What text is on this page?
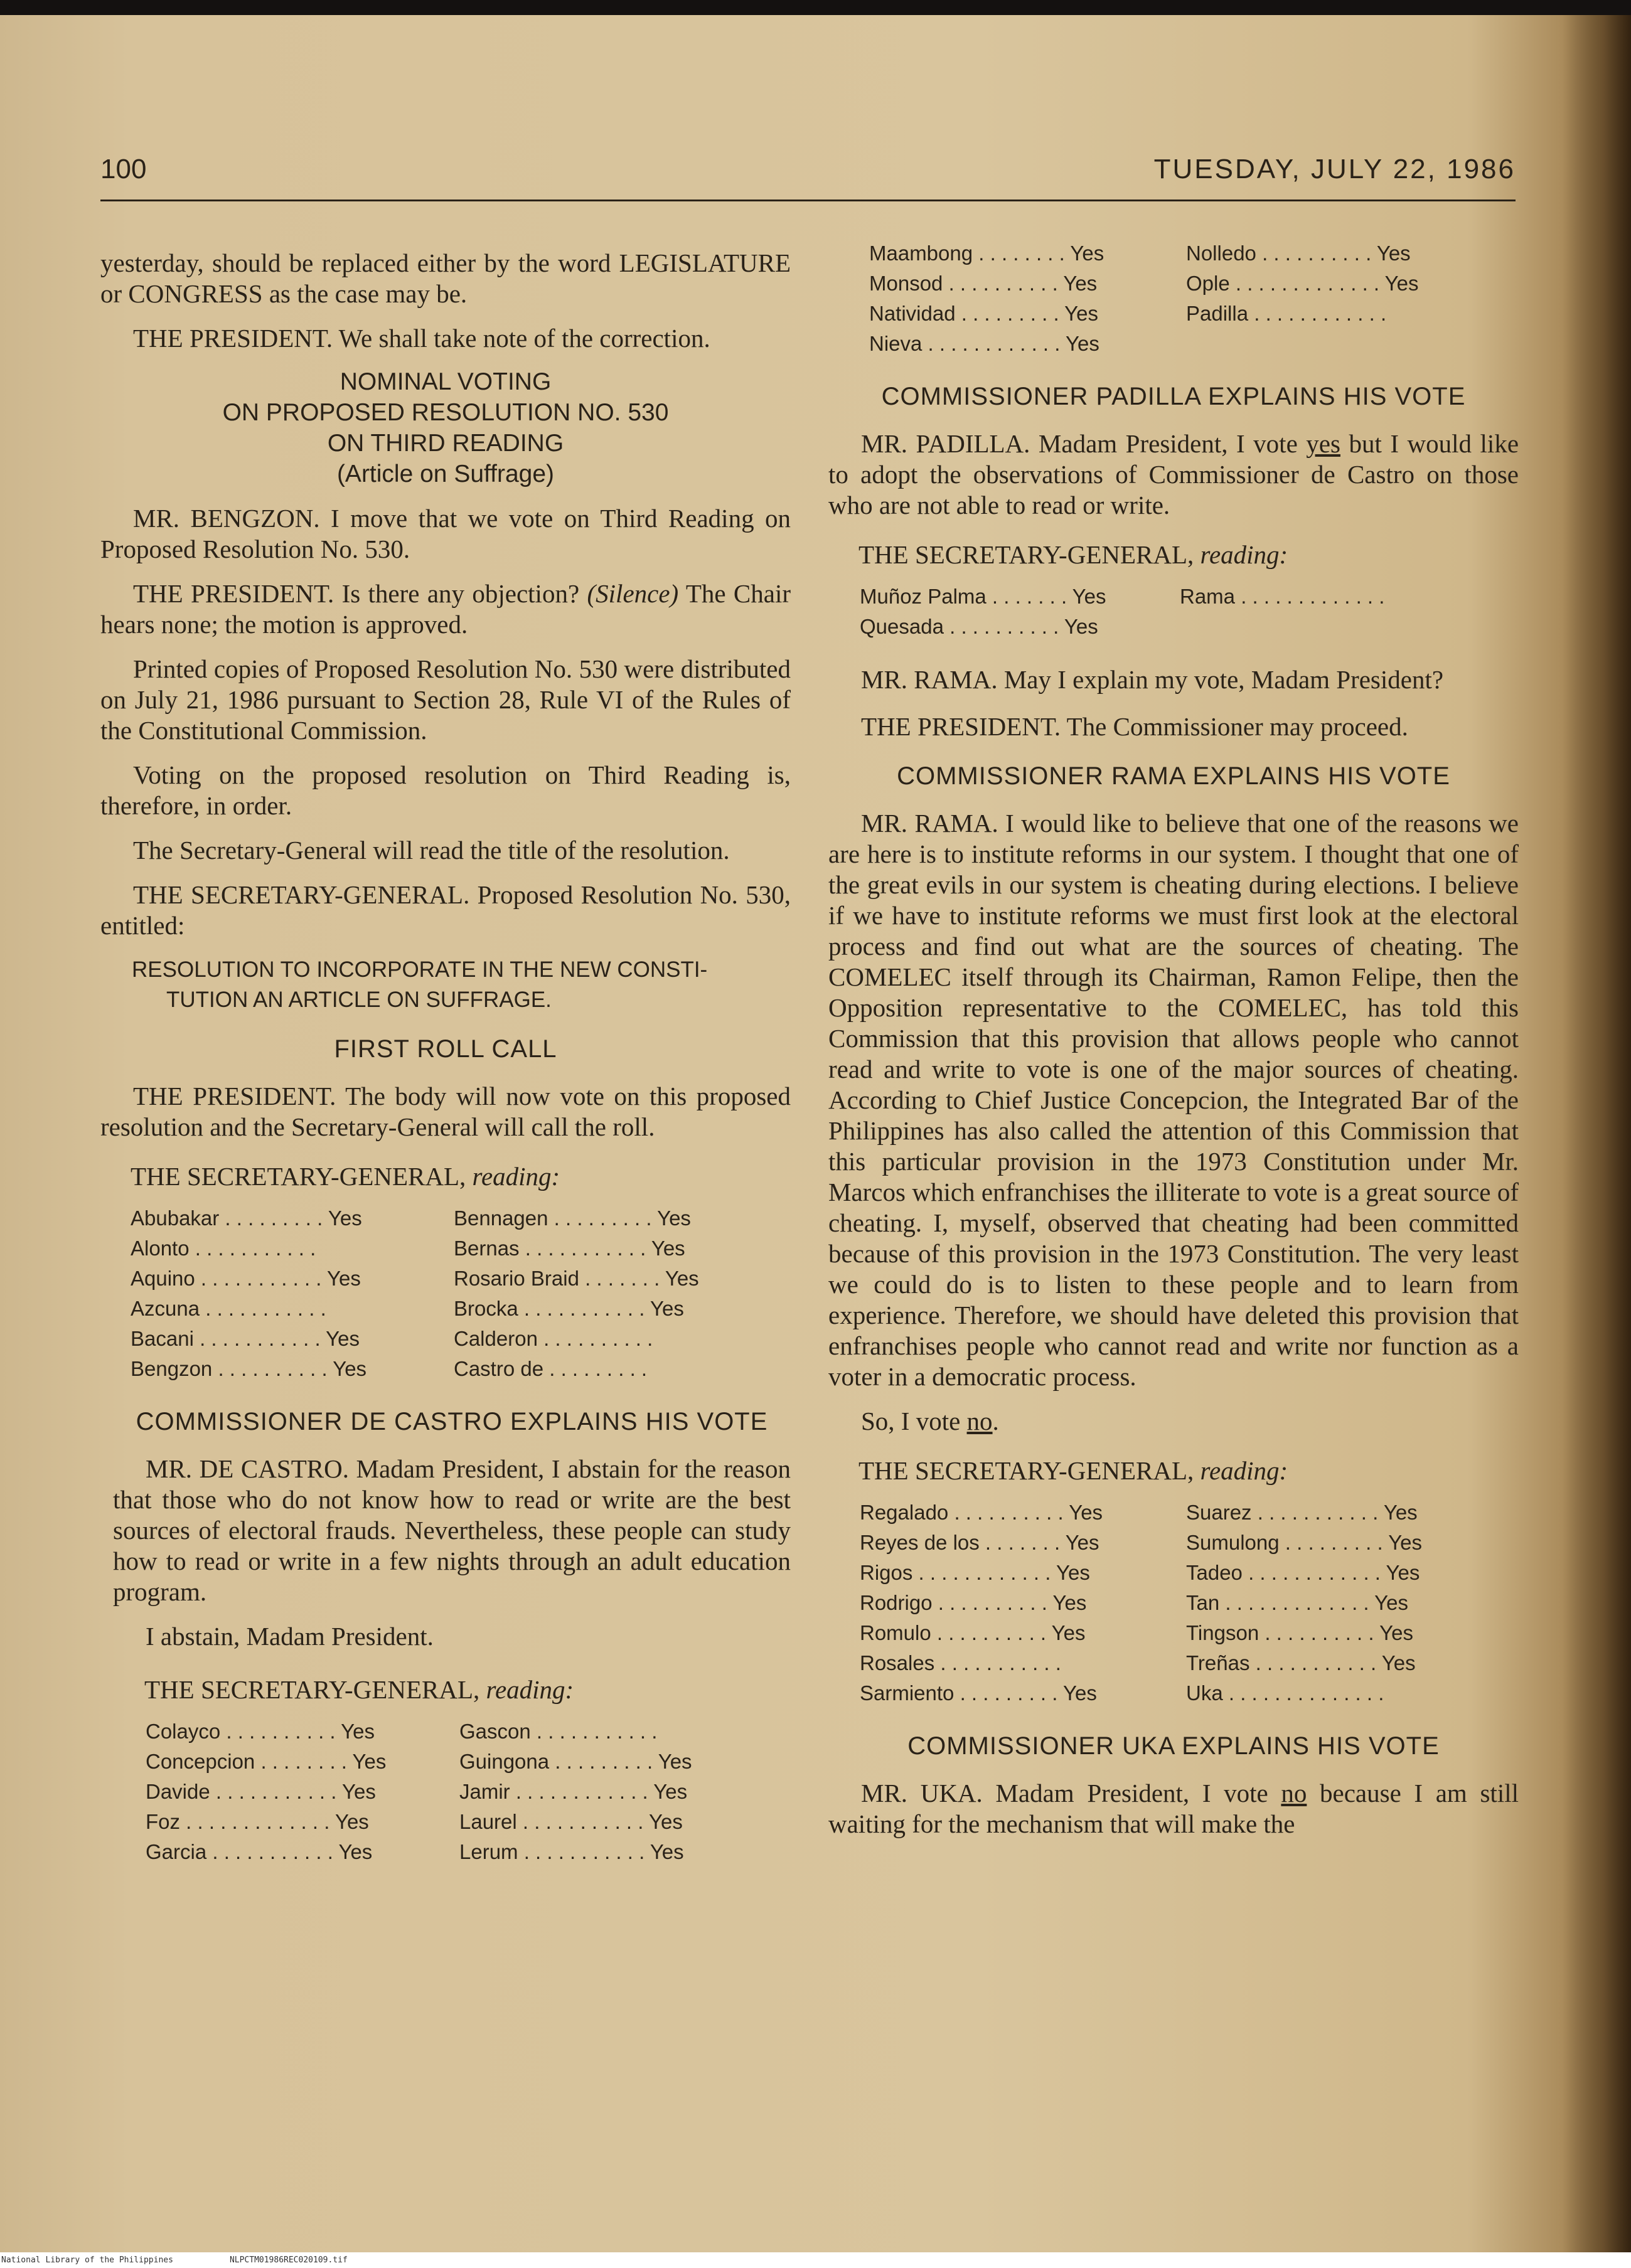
100	TUESDAY, JULY 22, 1986

yesterday, should be replaced either by the word LEGISLATURE or CONGRESS as the case may be.

THE PRESIDENT. We shall take note of the correction.

NOMINAL VOTING
ON PROPOSED RESOLUTION NO. 530
ON THIRD READING
(Article on Suffrage)

MR. BENGZON. I move that we vote on Third Reading on Proposed Resolution No. 530.

THE PRESIDENT. Is there any objection? (Silence) The Chair hears none; the motion is approved.

Printed copies of Proposed Resolution No. 530 were distributed on July 21, 1986 pursuant to Section 28, Rule VI of the Rules of the Constitutional Commission.

Voting on the proposed resolution on Third Reading is, therefore, in order.

The Secretary-General will read the title of the resolution.

THE SECRETARY-GENERAL. Proposed Resolution No. 530, entitled:

RESOLUTION TO INCORPORATE IN THE NEW CONSTI-
TUTION AN ARTICLE ON SUFFRAGE.
FIRST ROLL CALL

THE PRESIDENT. The body will now vote on this proposed resolution and the Secretary-General will call the roll.

THE SECRETARY-GENERAL, reading:
Abubakar . . . . . . . . . Yes	Bennagen . . . . . . . . . Yes
Alonto . . . . . . . . . . .	Bernas . . . . . . . . . . . Yes
Aquino . . . . . . . . . . . Yes	Rosario Braid . . . . . . . Yes
Azcuna . . . . . . . . . . .	Brocka . . . . . . . . . . . Yes
Bacani . . . . . . . . . . . Yes	Calderon . . . . . . . . . .
Bengzon . . . . . . . . . . Yes	Castro de . . . . . . . . .
COMMISSIONER DE CASTRO EXPLAINS HIS VOTE

MR. DE CASTRO. Madam President, I abstain for the reason that those who do not know how to read or write are the best sources of electoral frauds. Nevertheless, these people can study how to read or write in a few nights through an adult education program.

I abstain, Madam President.

THE SECRETARY-GENERAL, reading:
Colayco . . . . . . . . . . Yes	Gascon . . . . . . . . . . .
Concepcion . . . . . . . . Yes	Guingona . . . . . . . . . Yes
Davide . . . . . . . . . . . Yes	Jamir . . . . . . . . . . . . Yes
Foz . . . . . . . . . . . . . Yes	Laurel . . . . . . . . . . . Yes
Garcia . . . . . . . . . . . Yes	Lerum . . . . . . . . . . . Yes
Maambong . . . . . . . . Yes	Nolledo . . . . . . . . . . Yes
Monsod . . . . . . . . . . Yes	Ople . . . . . . . . . . . . . Yes
Natividad . . . . . . . . . Yes	Padilla . . . . . . . . . . . .
Nieva . . . . . . . . . . . . Yes
COMMISSIONER PADILLA EXPLAINS HIS VOTE

MR. PADILLA. Madam President, I vote yes but I would like to adopt the observations of Commissioner de Castro on those who are not able to read or write.

THE SECRETARY-GENERAL, reading:
Muñoz Palma . . . . . . . Yes	Rama . . . . . . . . . . . . .
Quesada . . . . . . . . . . Yes

MR. RAMA. May I explain my vote, Madam President?

THE PRESIDENT. The Commissioner may proceed.

COMMISSIONER RAMA EXPLAINS HIS VOTE

MR. RAMA. I would like to believe that one of the reasons we are here is to institute reforms in our system. I thought that one of the great evils in our system is cheating during elections. I believe if we have to institute reforms we must first look at the electoral process and find out what are the sources of cheating. The COMELEC itself through its Chairman, Ramon Felipe, then the Opposition representative to the COMELEC, has told this Commission that this provision that allows people who cannot read and write to vote is one of the major sources of cheating. According to Chief Justice Concepcion, the Integrated Bar of the Philippines has also called the attention of this Commission that this particular provision in the 1973 Constitution under Mr. Marcos which enfranchises the illiterate to vote is a great source of cheating. I, myself, observed that cheating had been committed because of this provision in the 1973 Constitution. The very least we could do is to listen to these people and to learn from experience. Therefore, we should have deleted this provision that enfranchises people who cannot read and write nor function as a voter in a democratic process.

So, I vote no.

THE SECRETARY-GENERAL, reading:
Regalado . . . . . . . . . . Yes	Suarez . . . . . . . . . . . Yes
Reyes de los . . . . . . . Yes	Sumulong . . . . . . . . . Yes
Rigos . . . . . . . . . . . . Yes	Tadeo . . . . . . . . . . . . Yes
Rodrigo . . . . . . . . . . Yes	Tan . . . . . . . . . . . . . Yes
Romulo . . . . . . . . . . Yes	Tingson . . . . . . . . . . Yes
Rosales . . . . . . . . . . .	Treñas . . . . . . . . . . . Yes
Sarmiento . . . . . . . . . Yes	Uka . . . . . . . . . . . . . .
COMMISSIONER UKA EXPLAINS HIS VOTE

MR. UKA. Madam President, I vote no because I am still waiting for the mechanism that will make the

National Library of the Philippines	NLPCTM01986REC020109.tif
